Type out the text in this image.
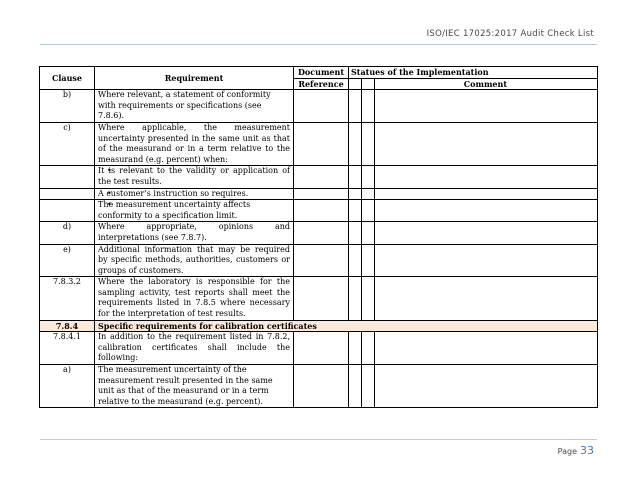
ISO/IEC 17025:2017 Audit Check List
Clause	Requirement	Document	Statues of the Implementation		
		Reference			Comment
b)	Where relevant, a statement of conformity with requirements or specifications (see 7.8.6).				
c)	Where applicable, the measurement uncertainty presented in the same unit as that of the measurand or in a term relative to the measurand (e.g. percent) when:				
	• It is relevant to the validity or application of the test results.				
	• A customer’s instruction so requires.				
	• The measurement uncertainty affects conformity to a specification limit.				
d)	Where appropriate, opinions and interpretations (see 7.8.7).				
e)	Additional information that may be required by specific methods, authorities, customers or groups of customers.				
7.8.3.2	Where the laboratory is responsible for the sampling activity, test reports shall meet the requirements listed in 7.8.5 where necessary for the interpretation of test results.				
7.8.4	Specific requirements for calibration certificates				
7.8.4.1	In addition to the requirement listed in 7.8.2, calibration certificates shall include the following:				
a)	The measurement uncertainty of the measurement result presented in the same unit as that of the measurand or in a term relative to the measurand (e.g. percent).				
Page 33
